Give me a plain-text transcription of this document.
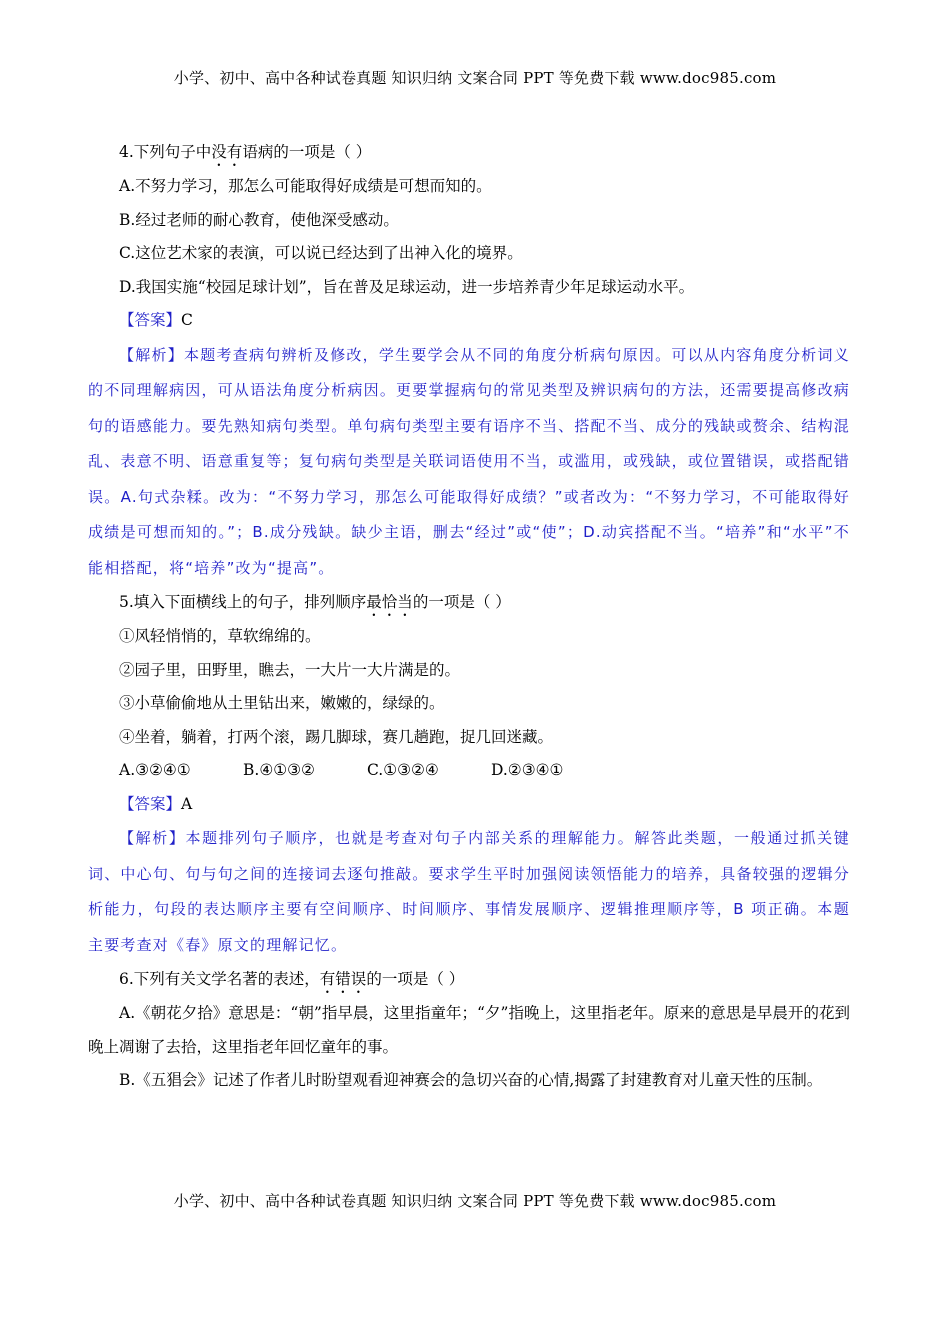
小学、初中、高中各种试卷真题 知识归纳 文案合同 PPT 等免费下载 www.doc985.com
4.下列句子中没有语病的一项是（ ）
A.不努力学习，那怎么可能取得好成绩是可想而知的。
B.经过老师的耐心教育，使他深受感动。
C.这位艺术家的表演，可以说已经达到了出神入化的境界。
D.我国实施“校园足球计划”，旨在普及足球运动，进一步培养青少年足球运动水平。
【答案】C
【解析】本题考查病句辨析及修改，学生要学会从不同的角度分析病句原因。可以从内容角度分析词义的不同理解病因，可从语法角度分析病因。更要掌握病句的常见类型及辨识病句的方法，还需要提高修改病句的语感能力。要先熟知病句类型。单句病句类型主要有语序不当、搭配不当、成分的残缺或赘余、结构混乱、表意不明、语意重复等；复句病句类型是关联词语使用不当，或滥用，或残缺，或位置错误，或搭配错误。A.句式杂糅。改为：“不努力学习，那怎么可能取得好成绩？”或者改为：“不努力学习，不可能取得好成绩是可想而知的。”；B.成分残缺。缺少主语，删去“经过”或“使”；D.动宾搭配不当。“培养”和“水平”不能相搭配，将“培养”改为“提高”。
5.填入下面横线上的句子，排列顺序最恰当的一项是（ ）
①风轻悄悄的，草软绵绵的。
②园子里，田野里，瞧去，一大片一大片满是的。
③小草偷偷地从土里钻出来，嫩嫩的，绿绿的。
④坐着，躺着，打两个滚，踢几脚球，赛几趟跑，捉几回迷藏。
A.③②④①	B.④①③②	C.①③②④	D.②③④①
【答案】A
【解析】本题排列句子顺序，也就是考查对句子内部关系的理解能力。解答此类题，一般通过抓关键词、中心句、句与句之间的连接词去逐句推敲。要求学生平时加强阅读领悟能力的培养，具备较强的逻辑分析能力，句段的表达顺序主要有空间顺序、时间顺序、事情发展顺序、逻辑推理顺序等，B 项正确。本题主要考查对《春》原文的理解记忆。
6.下列有关文学名著的表述，有错误的一项是（ ）
A.《朝花夕拾》意思是：“朝”指早晨，这里指童年；“夕”指晚上，这里指老年。原来的意思是早晨开的花到晚上凋谢了去拾，这里指老年回忆童年的事。
B.《五猖会》记述了作者儿时盼望观看迎神赛会的急切兴奋的心情,揭露了封建教育对儿童天性的压制。
小学、初中、高中各种试卷真题 知识归纳 文案合同 PPT 等免费下载 www.doc985.com
